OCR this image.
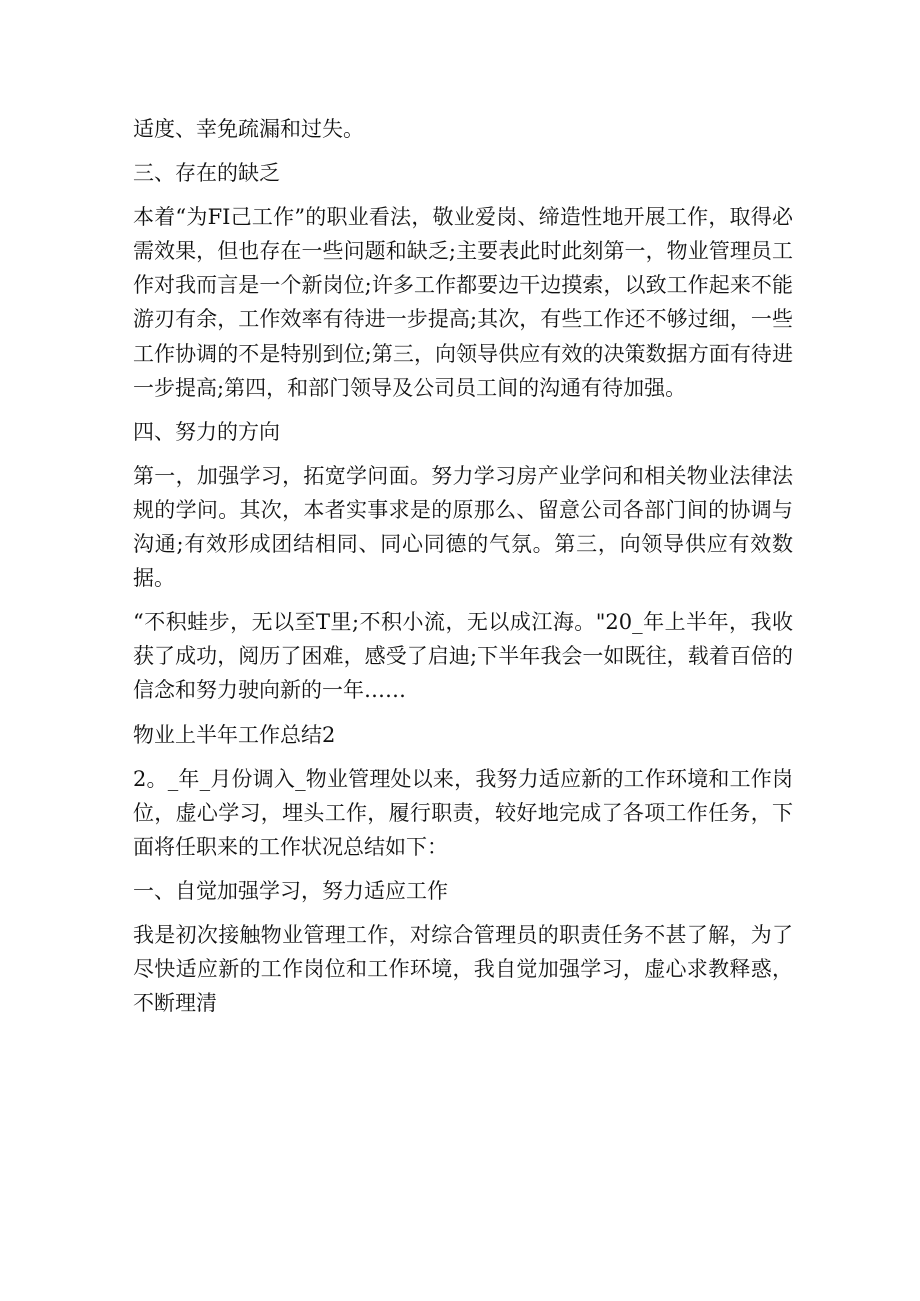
适度、幸免疏漏和过失。

三、存在的缺乏

本着“为FI己工作”的职业看法，敬业爱岗、缔造性地开展工作，取得必需效果，但也存在一些问题和缺乏;主要表此时此刻第一，物业管理员工作对我而言是一个新岗位;许多工作都要边干边摸索，以致工作起来不能游刃有余，工作效率有待进一步提高;其次，有些工作还不够过细，一些工作协调的不是特别到位;第三，向领导供应有效的决策数据方面有待进一步提高;第四，和部门领导及公司员工间的沟通有待加强。

四、努力的方向

第一，加强学习，拓宽学问面。努力学习房产业学问和相关物业法律法规的学问。其次，本者实事求是的原那么、留意公司各部门间的协调与沟通;有效形成团结相同、同心同德的气氛。第三，向领导供应有效数据。

“不积蛙步，无以至T里;不积小流，无以成江海。"20_年上半年，我收获了成功，阅历了困难，感受了启迪;下半年我会一如既往，载着百倍的信念和努力驶向新的一年……

物业上半年工作总结2

2。_年_月份调入_物业管理处以来，我努力适应新的工作环境和工作岗位，虚心学习，埋头工作，履行职责，较好地完成了各项工作任务，下面将任职来的工作状况总结如下：

一、自觉加强学习，努力适应工作

我是初次接触物业管理工作，对综合管理员的职责任务不甚了解，为了尽快适应新的工作岗位和工作环境，我自觉加强学习，虚心求教释惑，不断理清
